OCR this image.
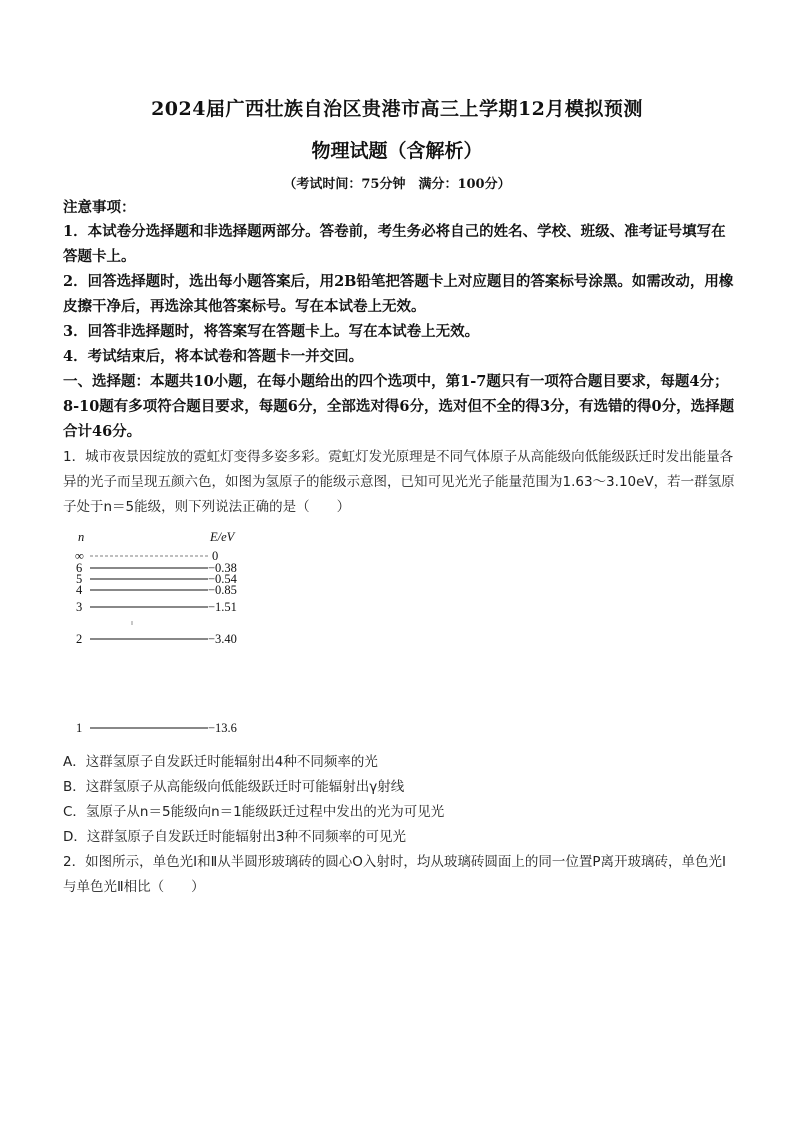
2024届广西壮族自治区贵港市高三上学期12月模拟预测
物理试题（含解析）
（考试时间：75分钟　满分：100分）
注意事项：
1．本试卷分选择题和非选择题两部分。答卷前，考生务必将自己的姓名、学校、班级、准考证号填写在答题卡上。
2．回答选择题时，选出每小题答案后，用2B铅笔把答题卡上对应题目的答案标号涂黑。如需改动，用橡皮擦干净后，再选涂其他答案标号。写在本试卷上无效。
3．回答非选择题时，将答案写在答题卡上。写在本试卷上无效。
4．考试结束后，将本试卷和答题卡一并交回。
一、选择题：本题共10小题，在每小题给出的四个选项中，第1-7题只有一项符合题目要求，每题4分；8-10题有多项符合题目要求，每题6分，全部选对得6分，选对但不全的得3分，有选错的得0分，选择题合计46分。
1．城市夜景因绽放的霓虹灯变得多姿多彩。霓虹灯发光原理是不同气体原子从高能级向低能级跃迁时发出能量各异的光子而呈现五颜六色，如图为氢原子的能级示意图，已知可见光光子能量范围为1.63～3.10eV，若一群氢原子处于n＝5能级，则下列说法正确的是（　　）
n	E/eV
∞	0
6	−0.38
5	−0.54
4	−0.85
3	−1.51
2	−3.40
1	−13.6
A．这群氢原子自发跃迁时能辐射出4种不同频率的光
B．这群氢原子从高能级向低能级跃迁时可能辐射出γ射线
C．氢原子从n＝5能级向n＝1能级跃迁过程中发出的光为可见光
D．这群氢原子自发跃迁时能辐射出3种不同频率的可见光
2．如图所示，单色光Ⅰ和Ⅱ从半圆形玻璃砖的圆心O入射时，均从玻璃砖圆面上的同一位置P离开玻璃砖，单色光Ⅰ与单色光Ⅱ相比（　　）
